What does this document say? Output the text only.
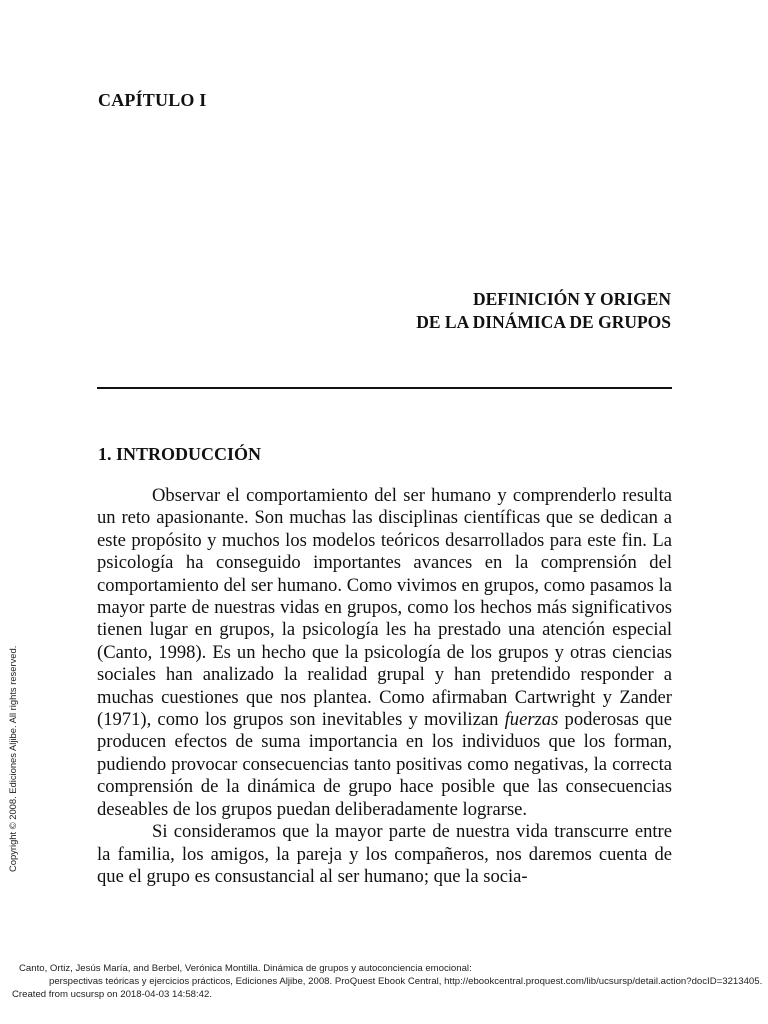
CAPÍTULO I
DEFINICIÓN Y ORIGEN
DE LA DINÁMICA DE GRUPOS
1. INTRODUCCIÓN

Observar el comportamiento del ser humano y comprenderlo resulta un reto apasionante. Son muchas las disciplinas científicas que se dedican a este propósito y muchos los modelos teóricos desarrollados para este fin. La psicología ha conseguido importantes avances en la comprensión del comportamiento del ser humano. Como vivimos en grupos, como pasamos la mayor parte de nuestras vidas en grupos, como los hechos más significativos tienen lugar en grupos, la psicología les ha prestado una atención especial (Canto, 1998). Es un hecho que la psicología de los grupos y otras ciencias sociales han analizado la realidad grupal y han pretendido responder a muchas cuestiones que nos plantea. Como afirmaban Cartwright y Zander (1971), como los grupos son inevitables y movilizan fuerzas poderosas que producen efectos de suma importancia en los individuos que los forman, pudiendo provocar consecuencias tanto positivas como negativas, la correcta comprensión de la dinámica de grupo hace posible que las consecuencias deseables de los grupos puedan deliberadamente lograrse.

Si consideramos que la mayor parte de nuestra vida transcurre entre la familia, los amigos, la pareja y los compañeros, nos daremos cuenta de que el grupo es consustancial al ser humano; que la socia-

Copyright © 2008. Ediciones Aljibe. All rights reserved.
Canto, Ortiz, Jesús María, and Berbel, Verónica Montilla. Dinámica de grupos y autoconciencia emocional:
perspectivas teóricas y ejercicios prácticos, Ediciones Aljibe, 2008. ProQuest Ebook Central, http://ebookcentral.proquest.com/lib/ucsursp/detail.action?docID=3213405.
Created from ucsursp on 2018-04-03 14:58:42.
